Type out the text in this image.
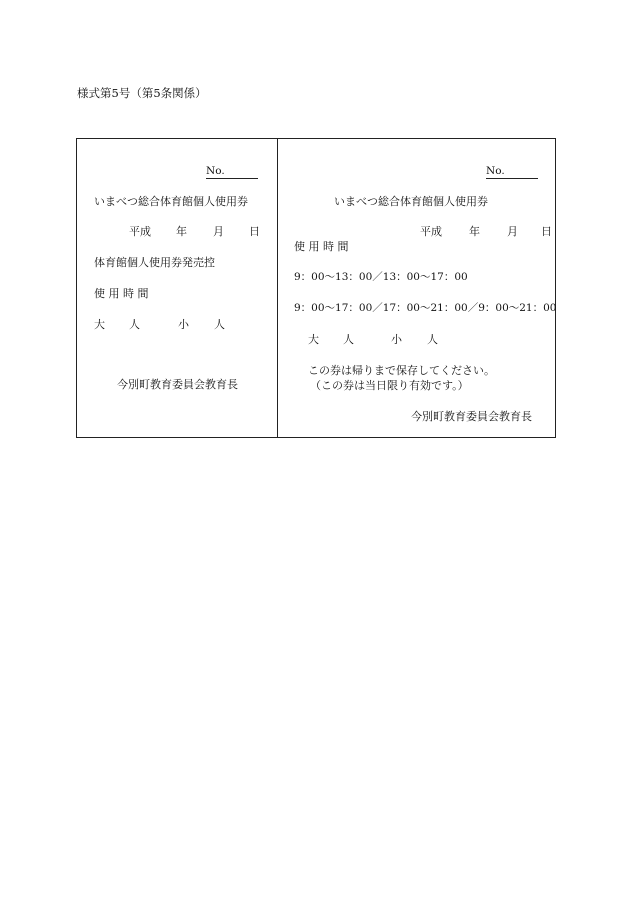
様式第5号（第5条関係）
No.
いまべつ総合体育館個人使用券
平成 年 月 日
体育館個人使用券発売控
使 用 時 間
大 人	小 人
今別町教育委員会教育長
No.
いまべつ総合体育館個人使用券
平成 年 月 日
使 用 時 間
9：00～13：00／13：00～17：00
9：00～17：00／17：00～21：00／9：00～21：00
大 人	小 人
この券は帰りまで保存してください。
（この券は当日限り有効です。）
今別町教育委員会教育長
